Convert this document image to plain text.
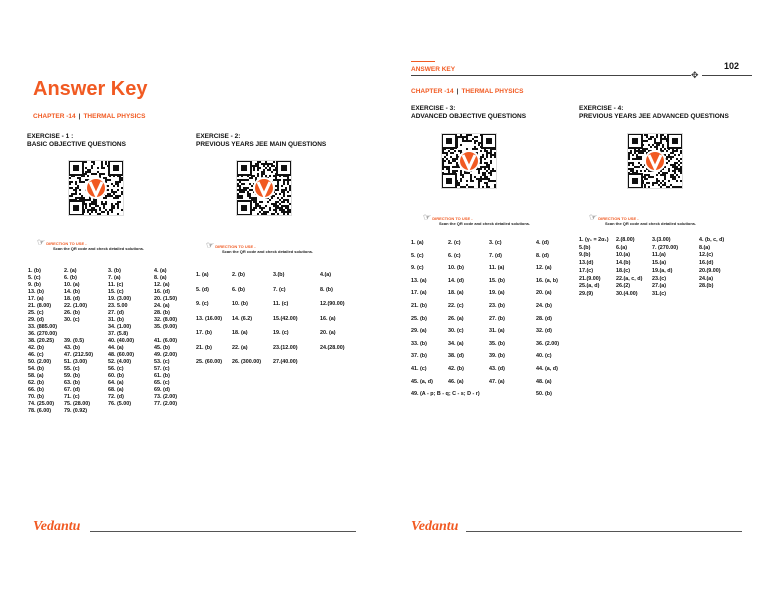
Answer Key
CHAPTER -14 | THERMAL PHYSICS
EXERCISE - 1 :
BASIC OBJECTIVE QUESTIONS
EXERCISE - 2:
PREVIOUS YEARS JEE MAIN QUESTIONS
☞ DIRECTION TO USE -
Scan the QR code and check detailed solutions.	☞ DIRECTION TO USE -
Scan the QR code and check detailed solutions.
1. (b)
5. (c)
9. (b)
13. (b)
17. (a)
21. (8.00)
25. (c)
29. (d)
33. (885.00)
36. (270.00)
38. (20.25)
42. (b)
46. (c)
50. (2.00)
54. (b)
58. (a)
62. (b)
66. (b)
70. (b)
74. (25.00)
78. (6.00)
2. (a)
6. (b)
10. (a)
14. (b)
18. (d)
22. (1.00)
26. (b)
30. (c)

39. (0.5)
43. (b)
47. (212.50)
51. (3.00)
55. (c)
59. (b)
63. (b)
67. (d)
71. (c)
75. (28.00)
79. (0.92)
3. (b)
7. (a)
11. (c)
15. (c)
19. (3.00)
23. 5.00
27. (d)
31. (b)
34. (1.00)
37. (5.8)
40. (40.00)
44. (a)
48. (60.00)
52. (4.00)
56. (c)
60. (b)
64. (a)
68. (a)
72. (d)
76. (5.00)

4. (a)
8. (a)
12. (a)
16. (d)
20. (1.50)
24. (a)
28. (b)
32. (8.00)
35. (9.00)

41. (6.00)
45. (b)
49. (2.00)
53. (c)
57. (c)
61. (b)
65. (c)
69. (d)
73. (2.00)
77. (2.00)

1. (a)
5. (d)
9. (c)
13. (16.00)
17. (b)
21. (b)
25. (60.00)
2. (b)
6. (b)
10. (b)
14. (6.2)
18. (a)
22. (a)
26. (300.00)
3.(b)
7. (c)
11. (c)
15.(42.00)
19. (c)
23.(12.00)
27.(40.00)
4.(a)
8. (b)
12.(90.00)
16. (a)
20. (a)
24.(28.00)

Vedantu
ANSWER KEY	102
✥
CHAPTER -14 | THERMAL PHYSICS
EXERCISE - 3:
ADVANCED OBJECTIVE QUESTIONS
EXERCISE - 4:
PREVIOUS YEARS JEE ADVANCED QUESTIONS
☞ DIRECTION TO USE -
Scan the QR code and check detailed solutions.
☞ DIRECTION TO USE -
Scan the QR code and check detailed solutions.
1. (a)
5. (c)
9. (c)
13. (a)
17. (a)
21. (b)
25. (b)
29. (a)
33. (b)
37. (b)
41. (c)
45. (a, d)
49. (A - p; B - q; C - s; D - r)
2. (c)
6. (c)
10. (b)
14. (d)
18. (a)
22. (c)
26. (a)
30. (c)
34. (a)
38. (d)
42. (b)
46. (a)

3. (c)
7. (d)
11. (a)
15. (b)
19. (a)
23. (b)
27. (b)
31. (a)
35. (b)
39. (b)
43. (d)
47. (a)

4. (d)
8. (d)
12. (a)
16. (a, b)
20. (a)
24. (b)
28. (d)
32. (d)
36. (2.00)
40. (c)
44. (a, d)
48. (a)
50. (b)
1. (γ₁ = 2α₁)
5.(b)
9.(b)
13.(d)
17.(c)
21.(9.00)
25.(a, d)
29.(9)
2.(8.00)
6.(a)
10.(a)
14.(b)
18.(c)
22.(a, c, d)
26.(2)
30.(4.00)
3.(3.00)
7. (270.00)
11.(a)
15.(a)
19.(a, d)
23.(c)
27.(a)
31.(c)
4. (b, c, d)
8.(a)
12.(c)
16.(d)
20.(9.00)
24.(a)
28.(b)

Vedantu
